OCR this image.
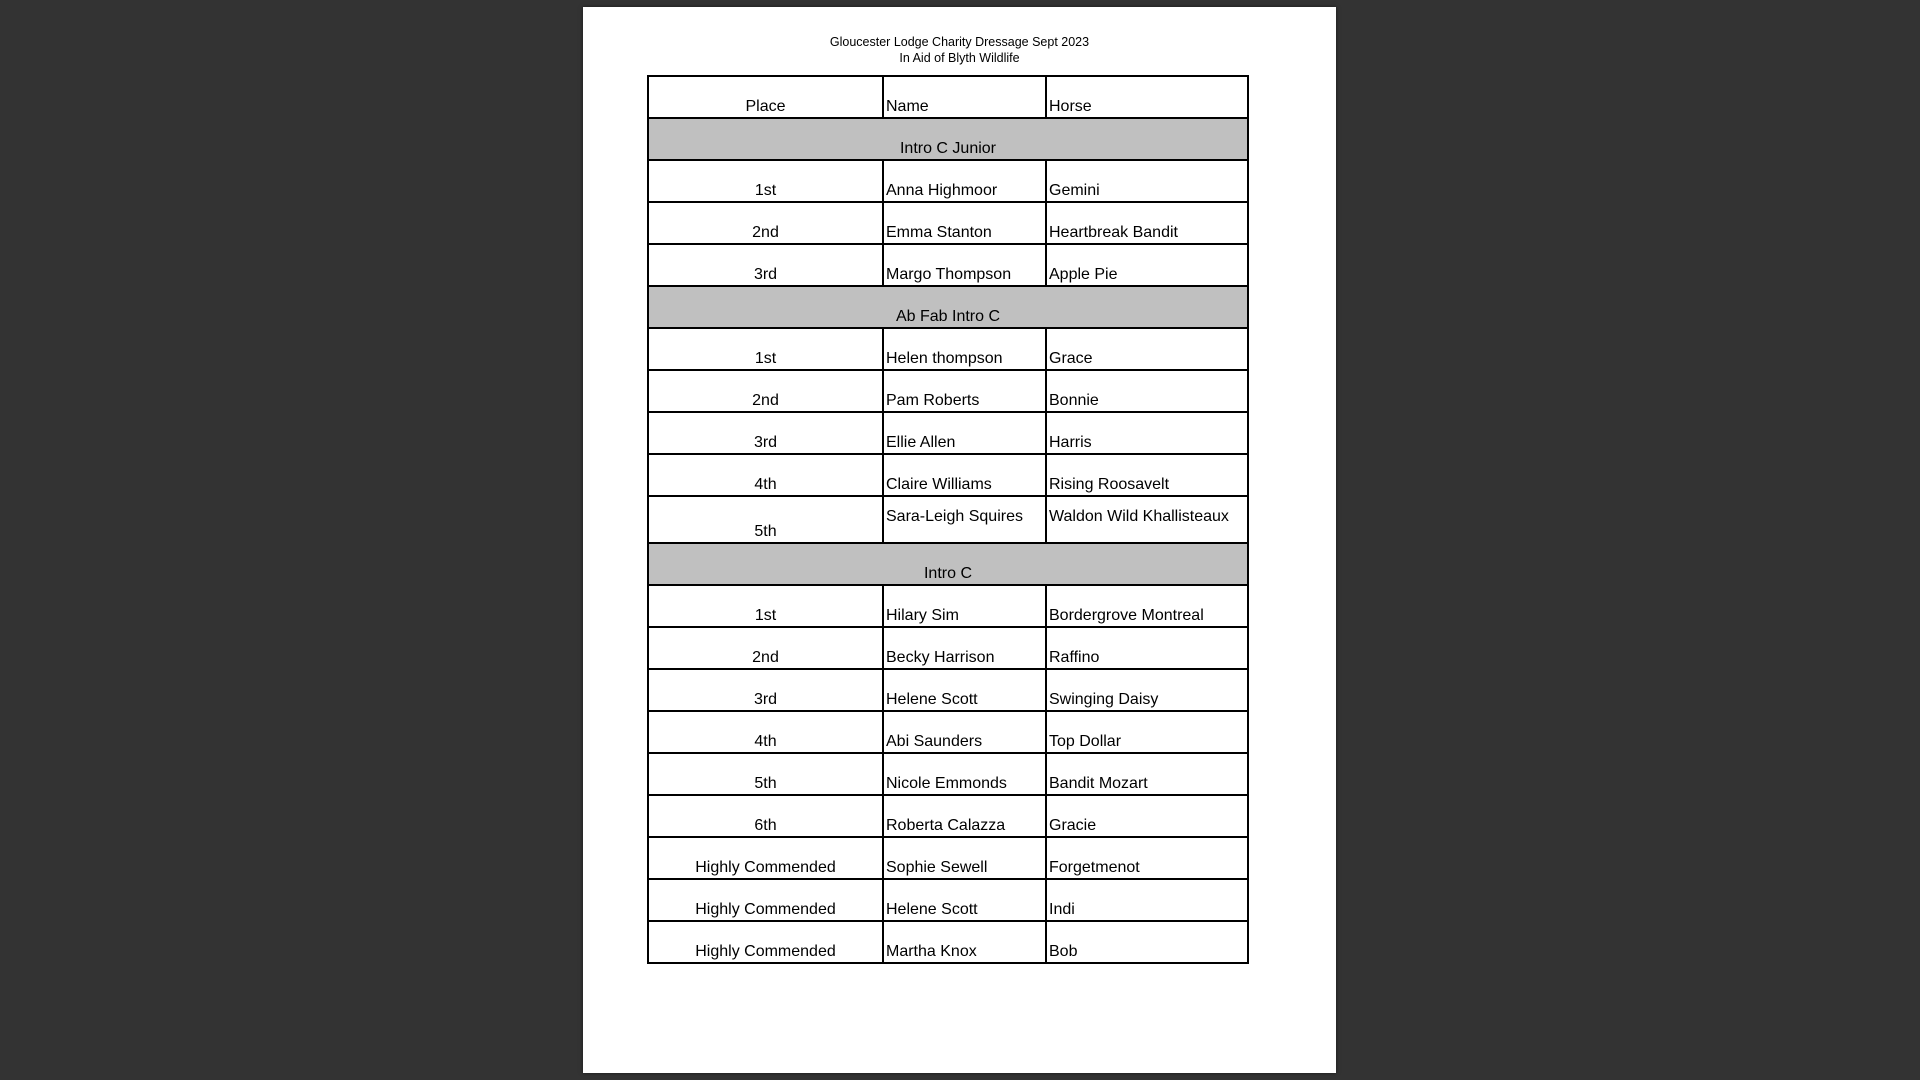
Gloucester Lodge Charity Dressage Sept 2023
In Aid of Blyth Wildlife
Place	Name	Horse
Intro C Junior		
1st	Anna Highmoor	Gemini
2nd	Emma Stanton	Heartbreak Bandit
3rd	Margo Thompson	Apple Pie
Ab Fab Intro C		
1st	Helen thompson	Grace
2nd	Pam Roberts	Bonnie
3rd	Ellie Allen	Harris
4th	Claire Williams	Rising Roosavelt
5th	Sara-Leigh Squires	Waldon Wild Khallisteaux
Intro C		
1st	Hilary Sim	Bordergrove Montreal
2nd	Becky Harrison	Raffino
3rd	Helene Scott	Swinging Daisy
4th	Abi Saunders	Top Dollar
5th	Nicole Emmonds	Bandit Mozart
6th	Roberta Calazza	Gracie
Highly Commended	Sophie Sewell	Forgetmenot
Highly Commended	Helene Scott	Indi
Highly Commended	Martha Knox	Bob
